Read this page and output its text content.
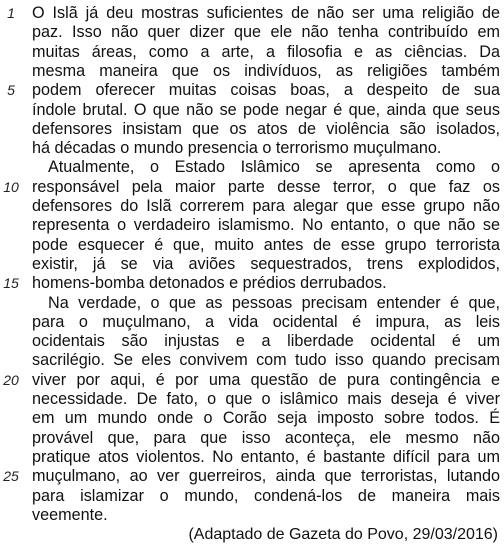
(Adaptado de Gazeta do Povo, 29/03/2016)
1	O Islã já deu mostras suficientes de não ser uma religião de
paz. Isso não quer dizer que ele não tenha contribuído em
muitas áreas, como a arte, a filosofia e as ciências. Da
mesma maneira que os indivíduos, as religiões também
5	podem oferecer muitas coisas boas, a despeito de sua
índole brutal. O que não se pode negar é que, ainda que seus
defensores insistam que os atos de violência são isolados,
há décadas o mundo presencia o terrorismo muçulmano.
Atualmente, o Estado Islâmico se apresenta como o
10 responsável pela maior parte desse terror, o que faz os
defensores do Islã correrem para alegar que esse grupo não
representa o verdadeiro islamismo. No entanto, o que não se
pode esquecer é que, muito antes de esse grupo terrorista
existir, já se via aviões sequestrados, trens explodidos,
15 homens-bomba detonados e prédios derrubados.
Na verdade, o que as pessoas precisam entender é que,
para o muçulmano, a vida ocidental é impura, as leis
ocidentais são injustas e a liberdade ocidental é um
sacrilégio. Se eles convivem com tudo isso quando precisam
20 viver por aqui, é por uma questão de pura contingência e
necessidade. De fato, o que o islâmico mais deseja é viver
em um mundo onde o Corão seja imposto sobre todos. É
provável que, para que isso aconteça, ele mesmo não
pratique atos violentos. No entanto, é bastante difícil para um
25 muçulmano, ao ver guerreiros, ainda que terroristas, lutando
para islamizar o mundo, condená-los de maneira mais
veemente.
